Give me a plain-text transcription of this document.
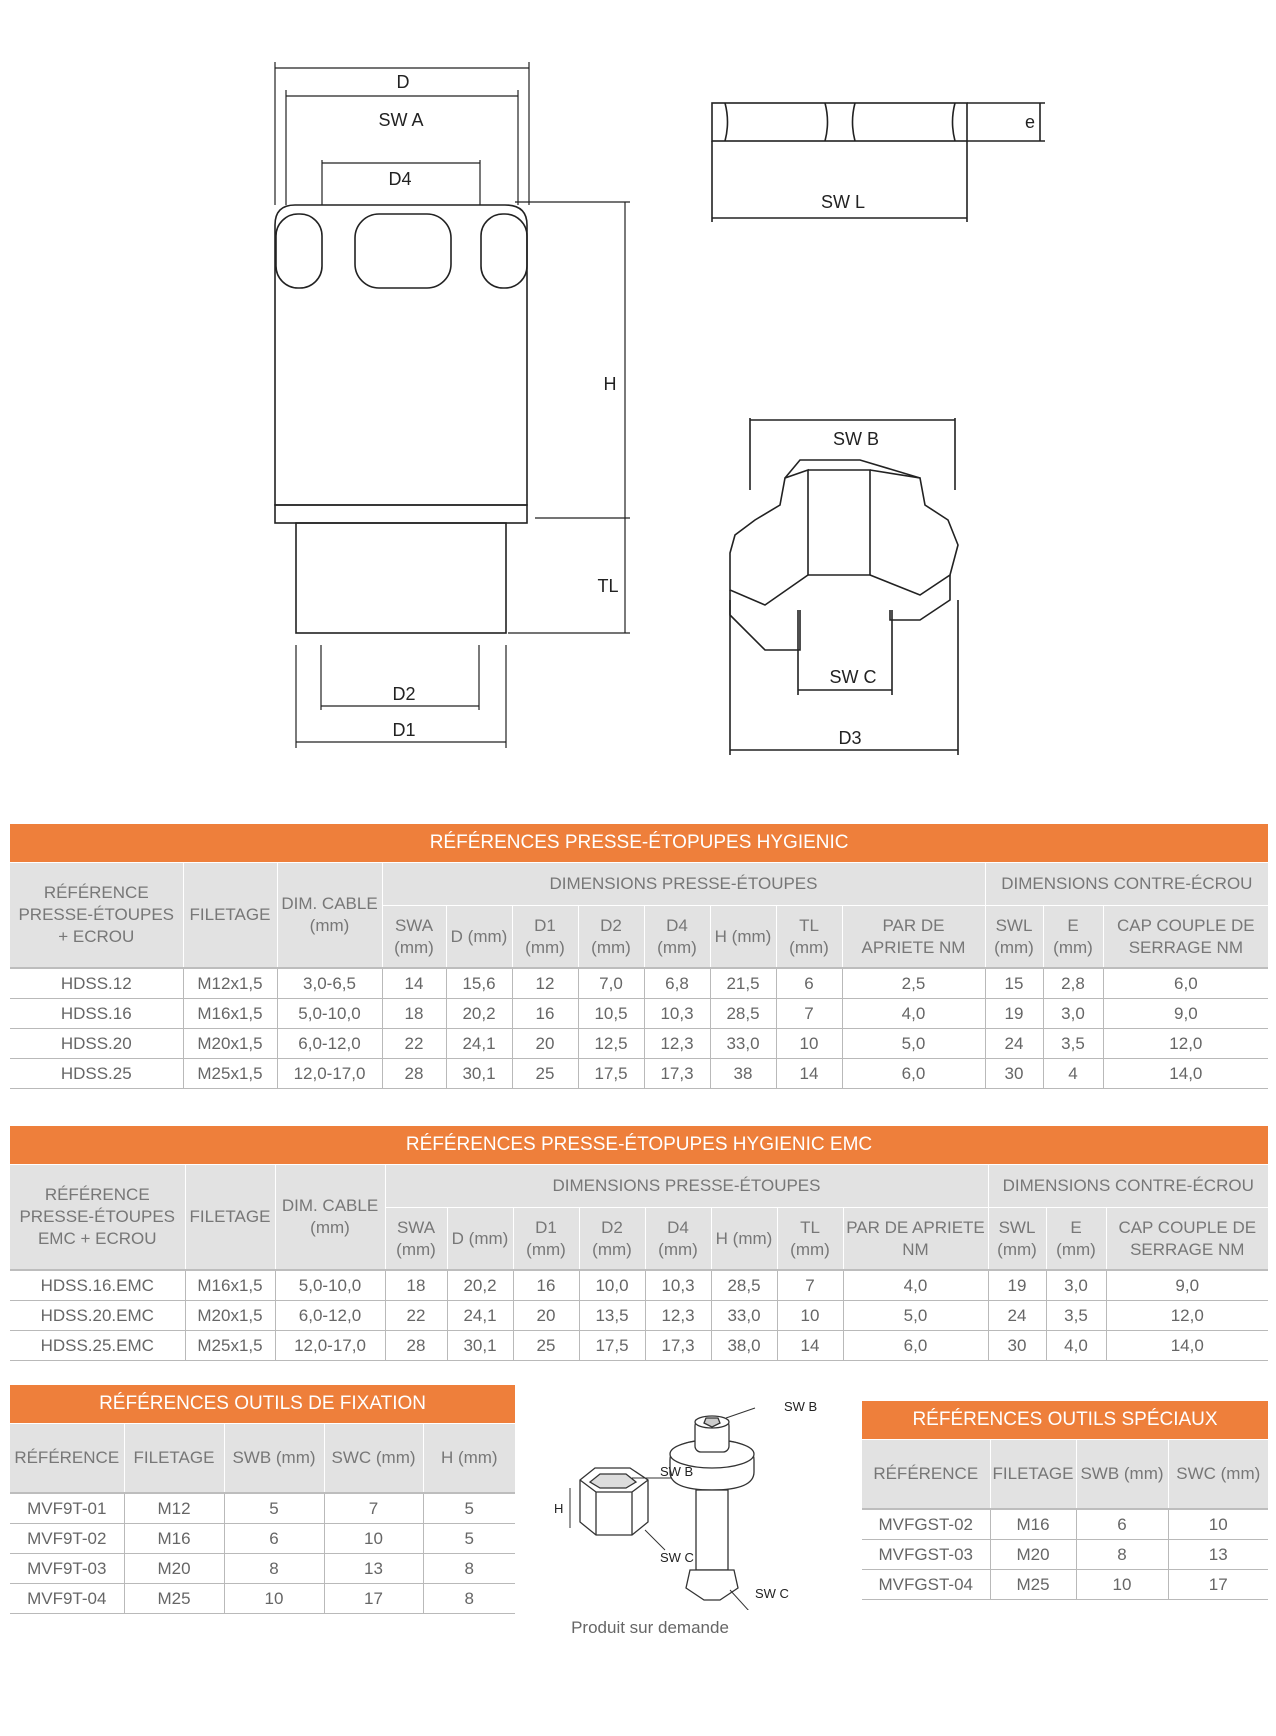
D
SW A
D4
H
TL
D2
D1
e
SW L
SW B
SW C
D3
RÉFÉRENCES PRESSE-ÉTOPUPES HYGIENIC													
RÉFÉRENCE PRESSE-ÉTOUPES + ECROU	FILETAGE	DIM. CABLE (mm)	DIMENSIONS PRESSE-ÉTOUPES								DIMENSIONS CONTRE-ÉCROU		
			SWA (mm)	D (mm)	D1 (mm)	D2 (mm)	D4 (mm)	H (mm)	TL (mm)	PAR DE APRIETE NM	SWL (mm)	E (mm)	CAP COUPLE DE SERRAGE NM
HDSS.12	M12x1,5	3,0-6,5	14	15,6	12	7,0	6,8	21,5	6	2,5	15	2,8	6,0
HDSS.16	M16x1,5	5,0-10,0	18	20,2	16	10,5	10,3	28,5	7	4,0	19	3,0	9,0
HDSS.20	M20x1,5	6,0-12,0	22	24,1	20	12,5	12,3	33,0	10	5,0	24	3,5	12,0
HDSS.25	M25x1,5	12,0-17,0	28	30,1	25	17,5	17,3	38	14	6,0	30	4	14,0
RÉFÉRENCES PRESSE-ÉTOPUPES HYGIENIC EMC													
RÉFÉRENCE PRESSE-ÉTOUPES EMC + ECROU	FILETAGE	DIM. CABLE (mm)	DIMENSIONS PRESSE-ÉTOUPES								DIMENSIONS CONTRE-ÉCROU		
			SWA (mm)	D (mm)	D1 (mm)	D2 (mm)	D4 (mm)	H (mm)	TL (mm)	PAR DE APRIETE NM	SWL (mm)	E (mm)	CAP COUPLE DE SERRAGE NM
HDSS.16.EMC	M16x1,5	5,0-10,0	18	20,2	16	10,0	10,3	28,5	7	4,0	19	3,0	9,0
HDSS.20.EMC	M20x1,5	6,0-12,0	22	24,1	20	13,5	12,3	33,0	10	5,0	24	3,5	12,0
HDSS.25.EMC	M25x1,5	12,0-17,0	28	30,1	25	17,5	17,3	38,0	14	6,0	30	4,0	14,0
RÉFÉRENCES OUTILS DE FIXATION				
RÉFÉRENCE	FILETAGE	SWB (mm)	SWC (mm)	H (mm)
MVF9T-01	M12	5	7	5
MVF9T-02	M16	6	10	5
MVF9T-03	M20	8	13	8
MVF9T-04	M25	10	17	8
SW B
SW C
H
SW B
SW C
RÉFÉRENCES OUTILS SPÉCIAUX			
RÉFÉRENCE	FILETAGE	SWB (mm)	SWC (mm)
MVFGST-02	M16	6	10
MVFGST-03	M20	8	13
MVFGST-04	M25	10	17
Produit sur demande
